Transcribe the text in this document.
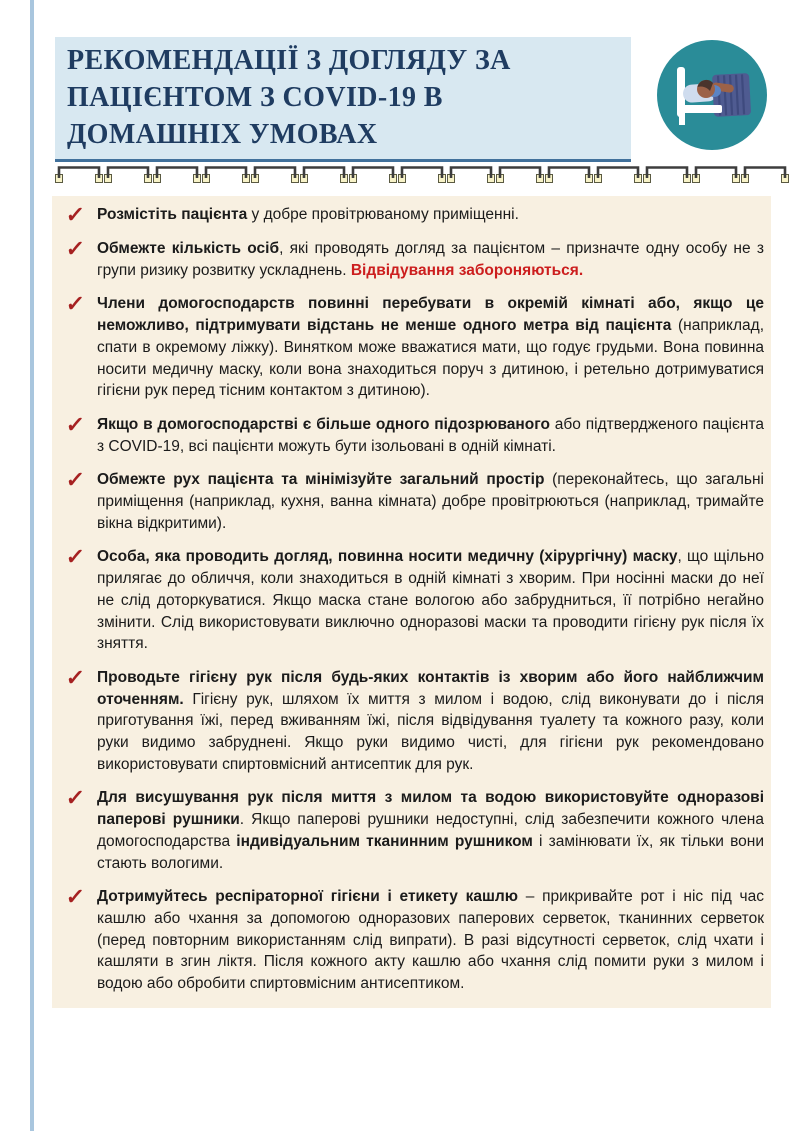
РЕКОМЕНДАЦІЇ З ДОГЛЯДУ ЗА
ПАЦІЄНТОМ З COVID-19 В
ДОМАШНІХ УМОВАХ
✓ Розмістіть пацієнта у добре провітрюваному приміщенні.

✓ Обмежте кількість осіб, які проводять догляд за пацієнтом – призначте одну особу не з групи ризику розвитку ускладнень. Відвідування забороняються.

✓ Члени домогосподарств повинні перебувати в окремій кімнаті або, якщо це неможливо, підтримувати відстань не менше одного метра від пацієнта (наприклад, спати в окремому ліжку). Винятком може вважатися мати, що годує грудьми. Вона повинна носити медичну маску, коли вона знаходиться поруч з дитиною, і ретельно дотримуватися гігієни рук перед тісним контактом з дитиною).

✓ Якщо в домогосподарстві є більше одного підозрюваного або підтвердженого пацієнта з COVID-19, всі пацієнти можуть бути ізольовані в одній кімнаті.

✓ Обмежте рух пацієнта та мінімізуйте загальний простір (переконайтесь, що загальні приміщення (наприклад, кухня, ванна кімната) добре провітрюються (наприклад, тримайте вікна відкритими).

✓ Особа, яка проводить догляд, повинна носити медичну (хірургічну) маску, що щільно прилягає до обличчя, коли знаходиться в одній кімнаті з хворим. При носінні маски до неї не слід доторкуватися. Якщо маска стане вологою або забрудниться, її потрібно негайно змінити. Слід використовувати виключно одноразові маски та проводити гігієну рук після їх зняття.

✓ Проводьте гігієну рук після будь-яких контактів із хворим або його найближчим оточенням. Гігієну рук, шляхом їх миття з милом і водою, слід виконувати до і після приготування їжі, перед вживанням їжі, після відвідування туалету та кожного разу, коли руки видимо забруднені. Якщо руки видимо чисті, для гігієни рук рекомендовано використовувати спиртовмісний антисептик для рук.

✓ Для висушування рук після миття з милом та водою використовуйте одноразові паперові рушники. Якщо паперові рушники недоступні, слід забезпечити кожного члена домогосподарства індивідуальним тканинним рушником і замінювати їх, як тільки вони стають вологими.

✓ Дотримуйтесь респіраторної гігієни і етикету кашлю – прикривайте рот і ніс під час кашлю або чхання за допомогою одноразових паперових серветок, тканинних серветок (перед повторним використанням слід випрати). В разі відсутності серветок, слід чхати і кашляти в згин ліктя. Після кожного акту кашлю або чхання слід помити руки з милом і водою або обробити спиртовмісним антисептиком.
